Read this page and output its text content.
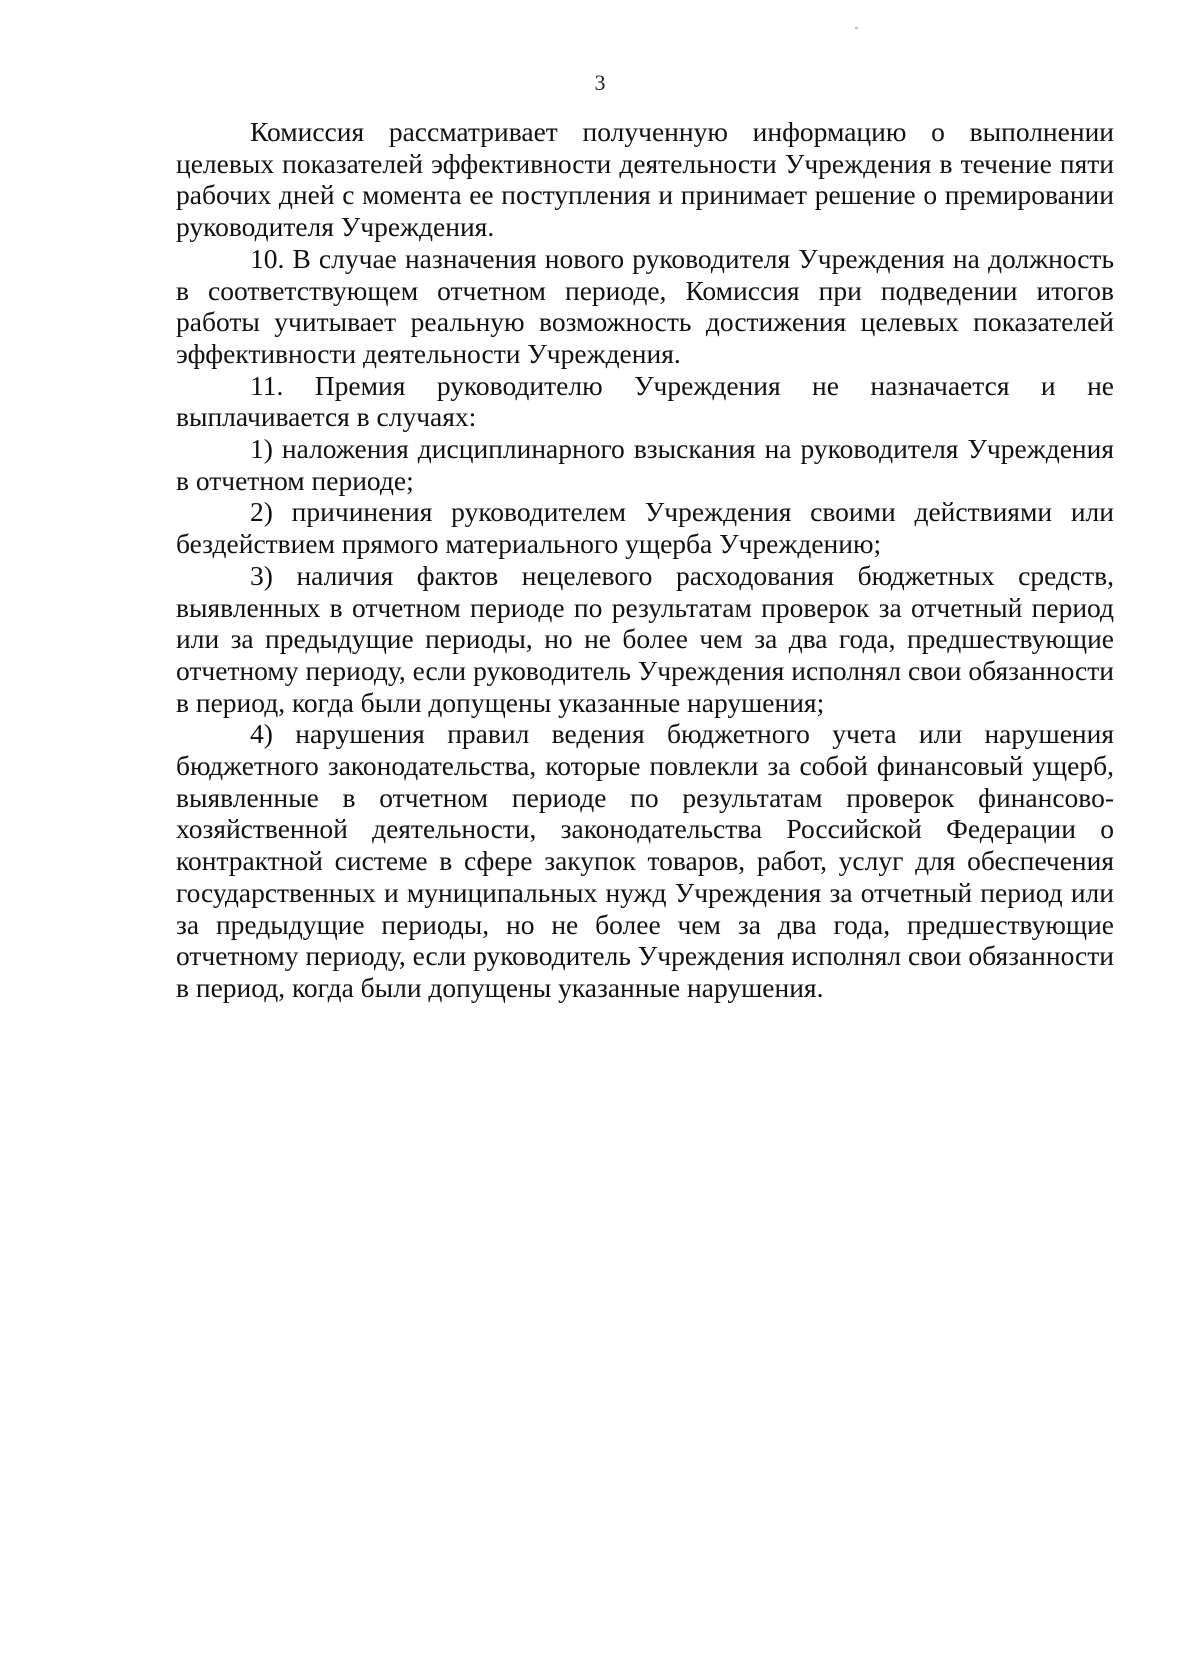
3

Комиссия рассматривает полученную информацию о выполнении целевых показателей эффективности деятельности Учреждения в течение пяти рабочих дней с момента ее поступления и принимает решение о премировании руководителя Учреждения.

10. В случае назначения нового руководителя Учреждения на должность в соответствующем отчетном периоде, Комиссия при подведении итогов работы учитывает реальную возможность достижения целевых показателей эффективности деятельности Учреждения.

11. Премия руководителю Учреждения не назначается и не выплачивается в случаях:

1) наложения дисциплинарного взыскания на руководителя Учреждения в отчетном периоде;

2) причинения руководителем Учреждения своими действиями или бездействием прямого материального ущерба Учреждению;

3) наличия фактов нецелевого расходования бюджетных средств, выявленных в отчетном периоде по результатам проверок за отчетный период или за предыдущие периоды, но не более чем за два года, предшествующие отчетному периоду, если руководитель Учреждения исполнял свои обязанности в период, когда были допущены указанные нарушения;

4) нарушения правил ведения бюджетного учета или нарушения бюджетного законодательства, которые повлекли за собой финансовый ущерб, выявленные в отчетном периоде по результатам проверок финансово-хозяйственной деятельности, законодательства Российской Федерации о контрактной системе в сфере закупок товаров, работ, услуг для обеспечения государственных и муниципальных нужд Учреждения за отчетный период или за предыдущие периоды, но не более чем за два года, предшествующие отчетному периоду, если руководитель Учреждения исполнял свои обязанности в период, когда были допущены указанные нарушения.
